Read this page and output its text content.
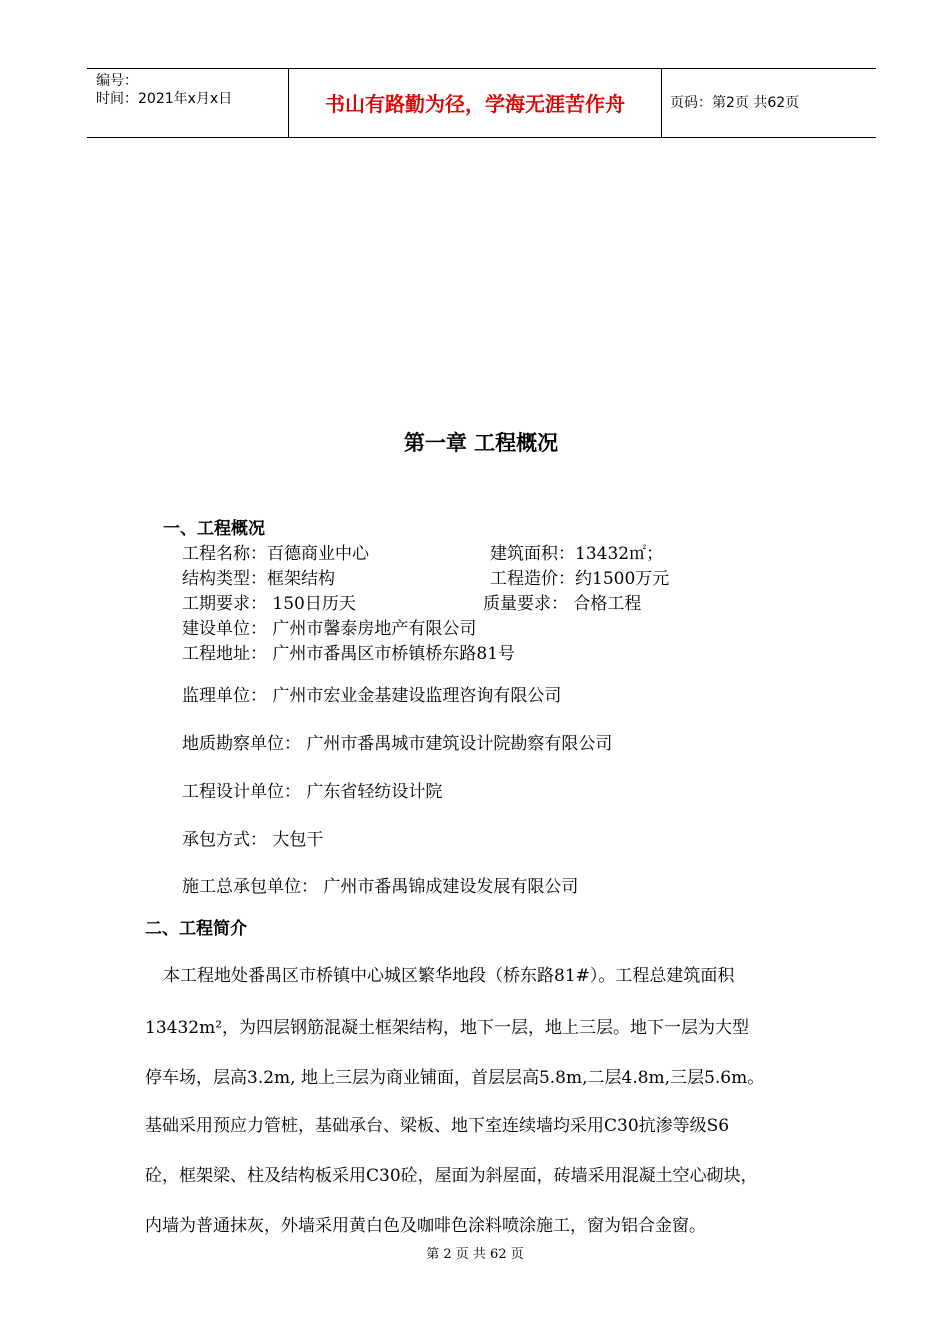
编号：
时间：2021年x月x日	书山有路勤为径，学海无涯苦作舟	页码：第2页 共62页
第一章 工程概况
一、工程概况
工程名称：百德商业中心	建筑面积：13432㎡；
结构类型：框架结构	工程造价：约1500万元
工期要求： 150日历天	质量要求： 合格工程
建设单位： 广州市馨泰房地产有限公司
工程地址： 广州市番禺区市桥镇桥东路81号
监理单位： 广州市宏业金基建设监理咨询有限公司
地质勘察单位： 广州市番禺城市建筑设计院勘察有限公司
工程设计单位： 广东省轻纺设计院
承包方式： 大包干
施工总承包单位： 广州市番禺锦成建设发展有限公司
二、工程简介
本工程地处番禺区市桥镇中心城区繁华地段（桥东路81#）。工程总建筑面积
13432m²，为四层钢筋混凝土框架结构，地下一层，地上三层。地下一层为大型
停车场，层高3.2m, 地上三层为商业铺面，首层层高5.8m,二层4.8m,三层5.6m。
基础采用预应力管桩，基础承台、梁板、地下室连续墙均采用C30抗渗等级S6
砼，框架梁、柱及结构板采用C30砼，屋面为斜屋面，砖墙采用混凝土空心砌块，
内墙为普通抹灰，外墙采用黄白色及咖啡色涂料喷涂施工，窗为铝合金窗。
第 2 页 共 62 页
